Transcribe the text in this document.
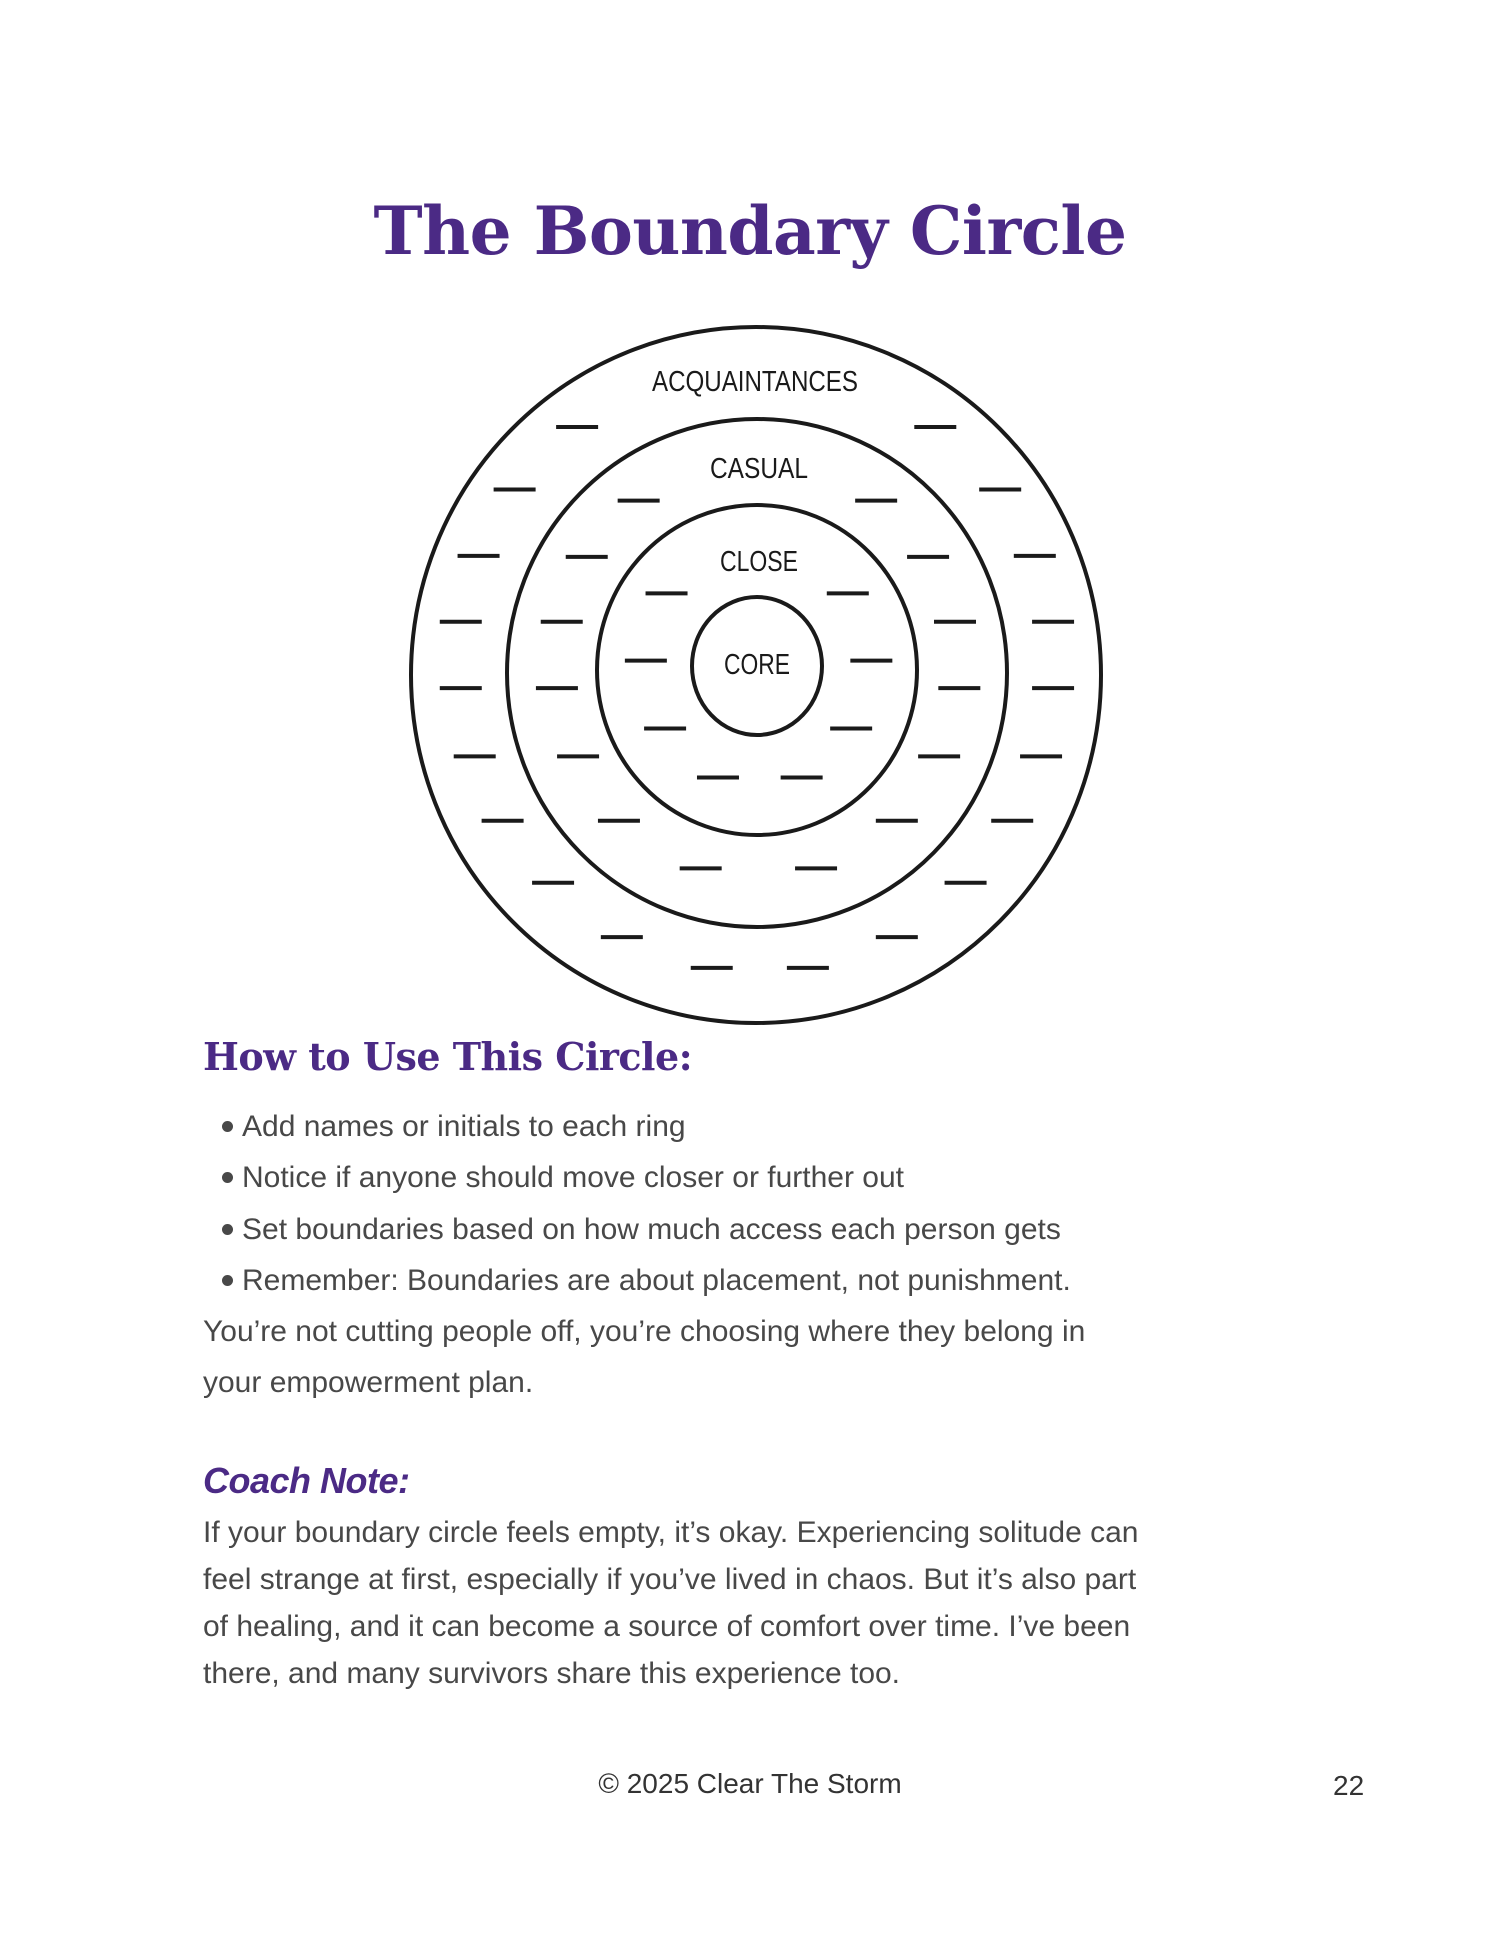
The Boundary Circle
ACQUAINTANCES
CASUAL
CLOSE
CORE
How to Use This Circle:
Add names or initials to each ring
Notice if anyone should move closer or further out
Set boundaries based on how much access each person gets
Remember: Boundaries are about placement, not punishment.
You’re not cutting people off, you’re choosing where they belong in
your empowerment plan.
Coach Note:
If your boundary circle feels empty, it’s okay. Experiencing solitude can
feel strange at first, especially if you’ve lived in chaos. But it’s also part
of healing, and it can become a source of comfort over time. I’ve been
there, and many survivors share this experience too.
© 2025 Clear The Storm	22
